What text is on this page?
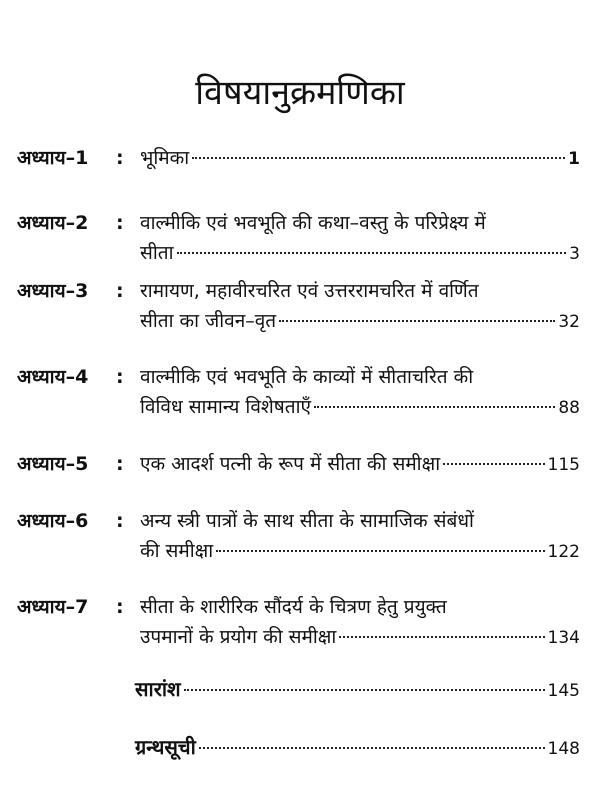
विषयानुक्रमणिका
अध्याय–1 : भूमिका	1
अध्याय–2 : वाल्मीकि एवं भवभूति की कथा–वस्तु के परिप्रेक्ष्य में
सीता	3
अध्याय–3 : रामायण, महावीरचरित एवं उत्तररामचरित में वर्णित
सीता का जीवन–वृत	32
अध्याय–4 : वाल्मीकि एवं भवभूति के काव्यों में सीताचरित की
विविध सामान्य विशेषताएँ	88
अध्याय–5 : एक आदर्श पत्नी के रूप में सीता की समीक्षा	115
अध्याय–6 : अन्य स्त्री पात्रों के साथ सीता के सामाजिक संबंधों
की समीक्षा	122
अध्याय–7 : सीता के शारीरिक सौंदर्य के चित्रण हेतु प्रयुक्त
उपमानों के प्रयोग की समीक्षा	134
सारांश	145
ग्रन्थसूची	148
